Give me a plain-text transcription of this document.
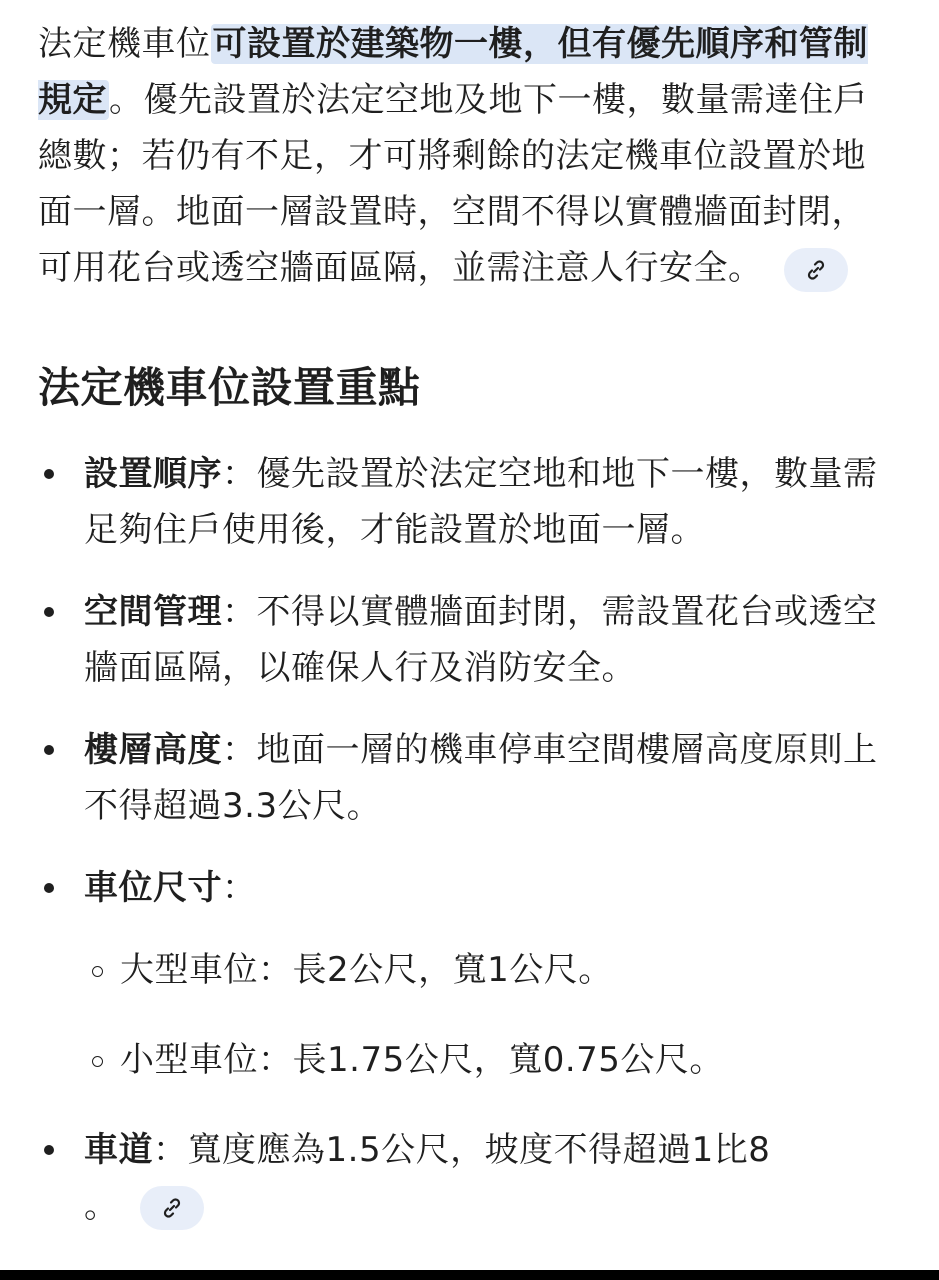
法定機車位可設置於建築物一樓，但有優先順序和管制規定。優先設置於法定空地及地下一樓，數量需達住戶總數；若仍有不足，才可將剩餘的法定機車位設置於地面一層。地面一層設置時，空間不得以實體牆面封閉，可用花台或透空牆面區隔，並需注意人行安全。

法定機車位設置重點
設置順序：優先設置於法定空地和地下一樓，數量需足夠住戶使用後，才能設置於地面一層。
空間管理：不得以實體牆面封閉，需設置花台或透空牆面區隔，以確保人行及消防安全。
樓層高度：地面一層的機車停車空間樓層高度原則上不得超過3.3公尺。
車位尺寸：
大型車位：長2公尺，寬1公尺。
小型車位：長1.75公尺，寬0.75公尺。
車道：寬度應為1.5公尺，坡度不得超過1比8
。
